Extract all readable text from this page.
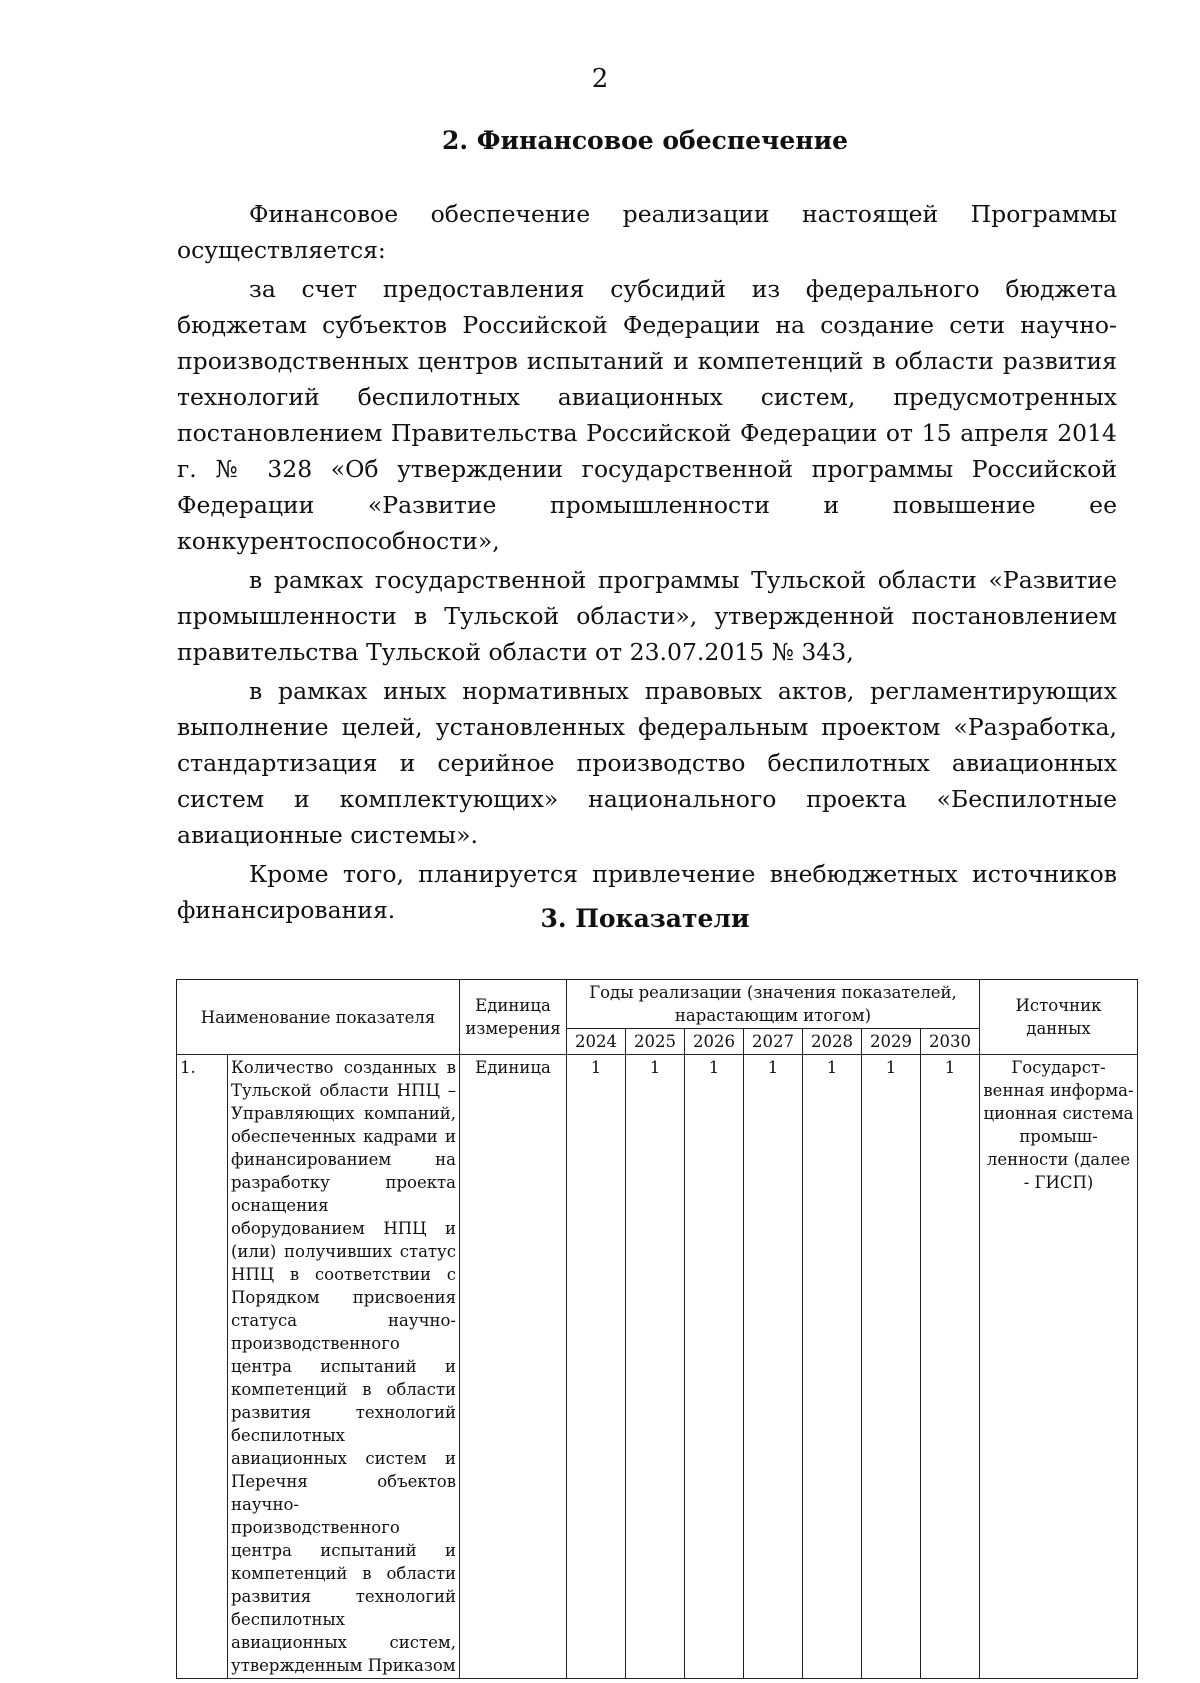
2
2. Финансовое обеспечение

Финансовое обеспечение реализации настоящей Программы осуществляется:

за счет предоставления субсидий из федерального бюджета бюджетам субъектов Российской Федерации на создание сети научно-производственных центров испытаний и компетенций в области развития технологий беспилотных авиационных систем, предусмотренных постановлением Правительства Российской Федерации от 15 апреля 2014 г. № 328 «Об утверждении государственной программы Российской Федерации «Развитие промышленности и повышение ее конкурентоспособности»,

в рамках государственной программы Тульской области «Развитие промышленности в Тульской области», утвержденной постановлением правительства Тульской области от 23.07.2015 № 343,

в рамках иных нормативных правовых актов, регламентирующих выполнение целей, установленных федеральным проектом «Разработка, стандартизация и серийное производство беспилотных авиационных систем и комплектующих» национального проекта «Беспилотные авиационные системы».

Кроме того, планируется привлечение внебюджетных источников финансирования.	3. Показатели
Наименование показателя		Единица измерения	Годы реализации (значения показателей, нарастающим итогом)							Источник данных
			2024	2025	2026	2027	2028	2029	2030	
1.	Количество созданных в Тульской области НПЦ – Управляющих компаний, обеспеченных кадрами и финансированием на разработку проекта оснащения оборудованием НПЦ и (или) получивших статус НПЦ в соответствии с Порядком присвоения статуса научно-производственного центра испытаний и компетенций в области развития технологий беспилотных авиационных систем и Перечня объектов научно-производственного центра испытаний и компетенций в области развития технологий беспилотных авиационных систем, утвержденным Приказом	Единица	1	1	1	1	1	1	1	Государст-венная информа-ционная система промыш-ленности (далее - ГИСП)
